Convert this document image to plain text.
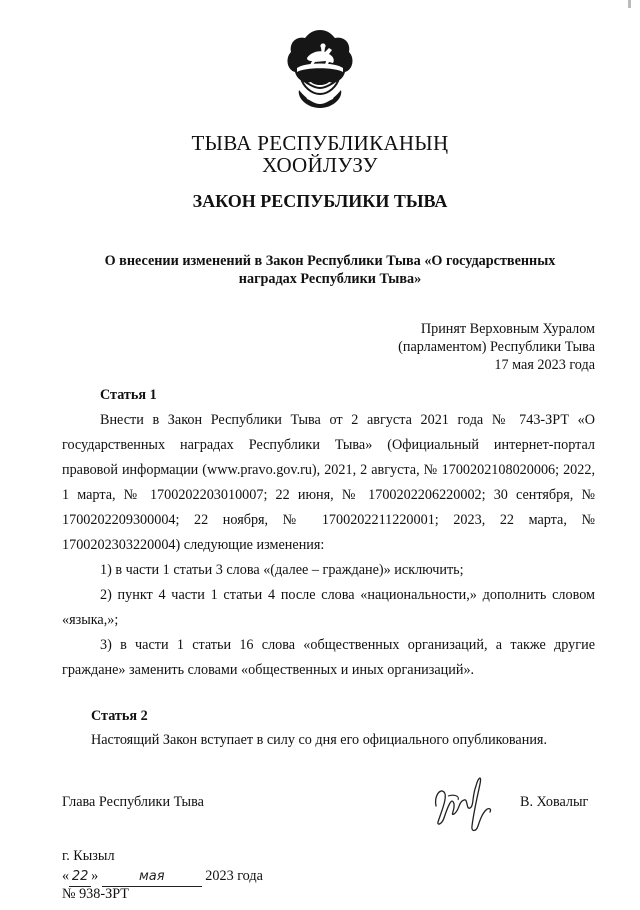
ТЫВА РЕСПУБЛИКАНЫҢ
ХООЙЛУЗУ
ЗАКОН РЕСПУБЛИКИ ТЫВА
О внесении изменений в Закон Республики Тыва «О государственных
наградах Республики Тыва»
Принят Верховным Хуралом
(парламентом) Республики Тыва
17 мая 2023 года
Статья 1
Внести в Закон Республики Тыва от 2 августа 2021 года № 743-ЗРТ «О государственных наградах Республики Тыва» (Официальный интернет-портал правовой информации (www.pravo.gov.ru), 2021, 2 августа, № 1700202108020006; 2022, 1 марта, № 1700202203010007; 22 июня, № 1700202206220002; 30 сентября, № 1700202209300004; 22 ноября, № 1700202211220001; 2023, 22 марта, № 1700202303220004) следующие изменения:
1) в части 1 статьи 3 слова «(далее – граждане)» исключить;
2) пункт 4 части 1 статьи 4 после слова «национальности,» дополнить словом «языка,»;
3) в части 1 статьи 16 слова «общественных организаций, а также другие граждане» заменить словами «общественных и иных организаций».
Статья 2
Настоящий Закон вступает в силу со дня его официального опубликования.
Глава Республики Тыва	В. Ховалыг
г. Кызыл
« 22 »	мая	2023 года
№ 938-ЗРТ
